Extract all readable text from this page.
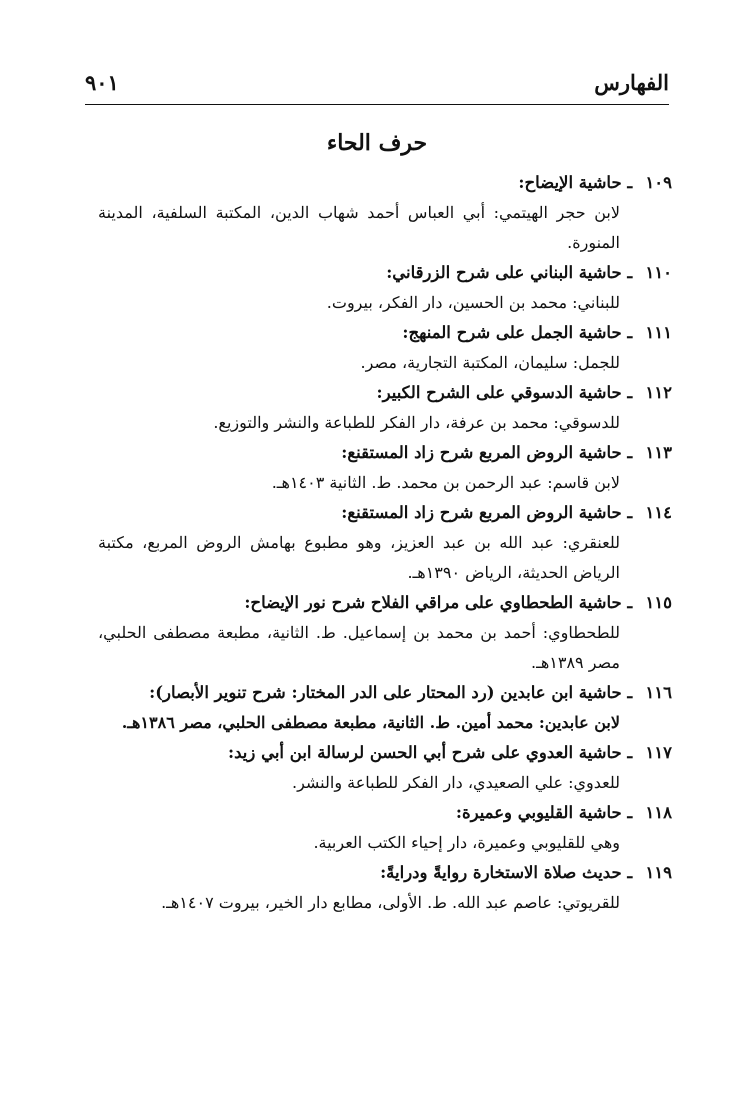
الفهارس
٩٠١
حرف الحاء
١٠٩ ـ حاشية الإيضاح:
لابن حجر الهيتمي: أبي العباس أحمد شهاب الدين، المكتبة السلفية، المدينة المنورة.
١١٠ ـ حاشية البناني على شرح الزرقاني:
للبناني: محمد بن الحسين، دار الفكر، بيروت.
١١١ ـ حاشية الجمل على شرح المنهج:
للجمل: سليمان، المكتبة التجارية، مصر.
١١٢ ـ حاشية الدسوقي على الشرح الكبير:
للدسوقي: محمد بن عرفة، دار الفكر للطباعة والنشر والتوزيع.
١١٣ ـ حاشية الروض المربع شرح زاد المستقنع:
لابن قاسم: عبد الرحمن بن محمد. ط. الثانية ١٤٠٣هـ.
١١٤ ـ حاشية الروض المربع شرح زاد المستقنع:
للعنقري: عبد الله بن عبد العزيز، وهو مطبوع بهامش الروض المربع، مكتبة الرياض الحديثة، الرياض ١٣٩٠هـ.
١١٥ ـ حاشية الطحطاوي على مراقي الفلاح شرح نور الإيضاح:
للطحطاوي: أحمد بن محمد بن إسماعيل. ط. الثانية، مطبعة مصطفى الحلبي، مصر ١٣٨٩هـ.
١١٦ ـ حاشية ابن عابدين (رد المحتار على الدر المختار: شرح تنوير الأبصار):
لابن عابدين: محمد أمين. ط. الثانية، مطبعة مصطفى الحلبي، مصر ١٣٨٦هـ.
١١٧ ـ حاشية العدوي على شرح أبي الحسن لرسالة ابن أبي زيد:
للعدوي: علي الصعيدي، دار الفكر للطباعة والنشر.
١١٨ ـ حاشية القليوبي وعميرة:
وهي للقليوبي وعميرة، دار إحياء الكتب العربية.
١١٩ ـ حديث صلاة الاستخارة روايةً ودرايةً:
للقريوتي: عاصم عبد الله. ط. الأولى، مطابع دار الخير، بيروت ١٤٠٧هـ.
